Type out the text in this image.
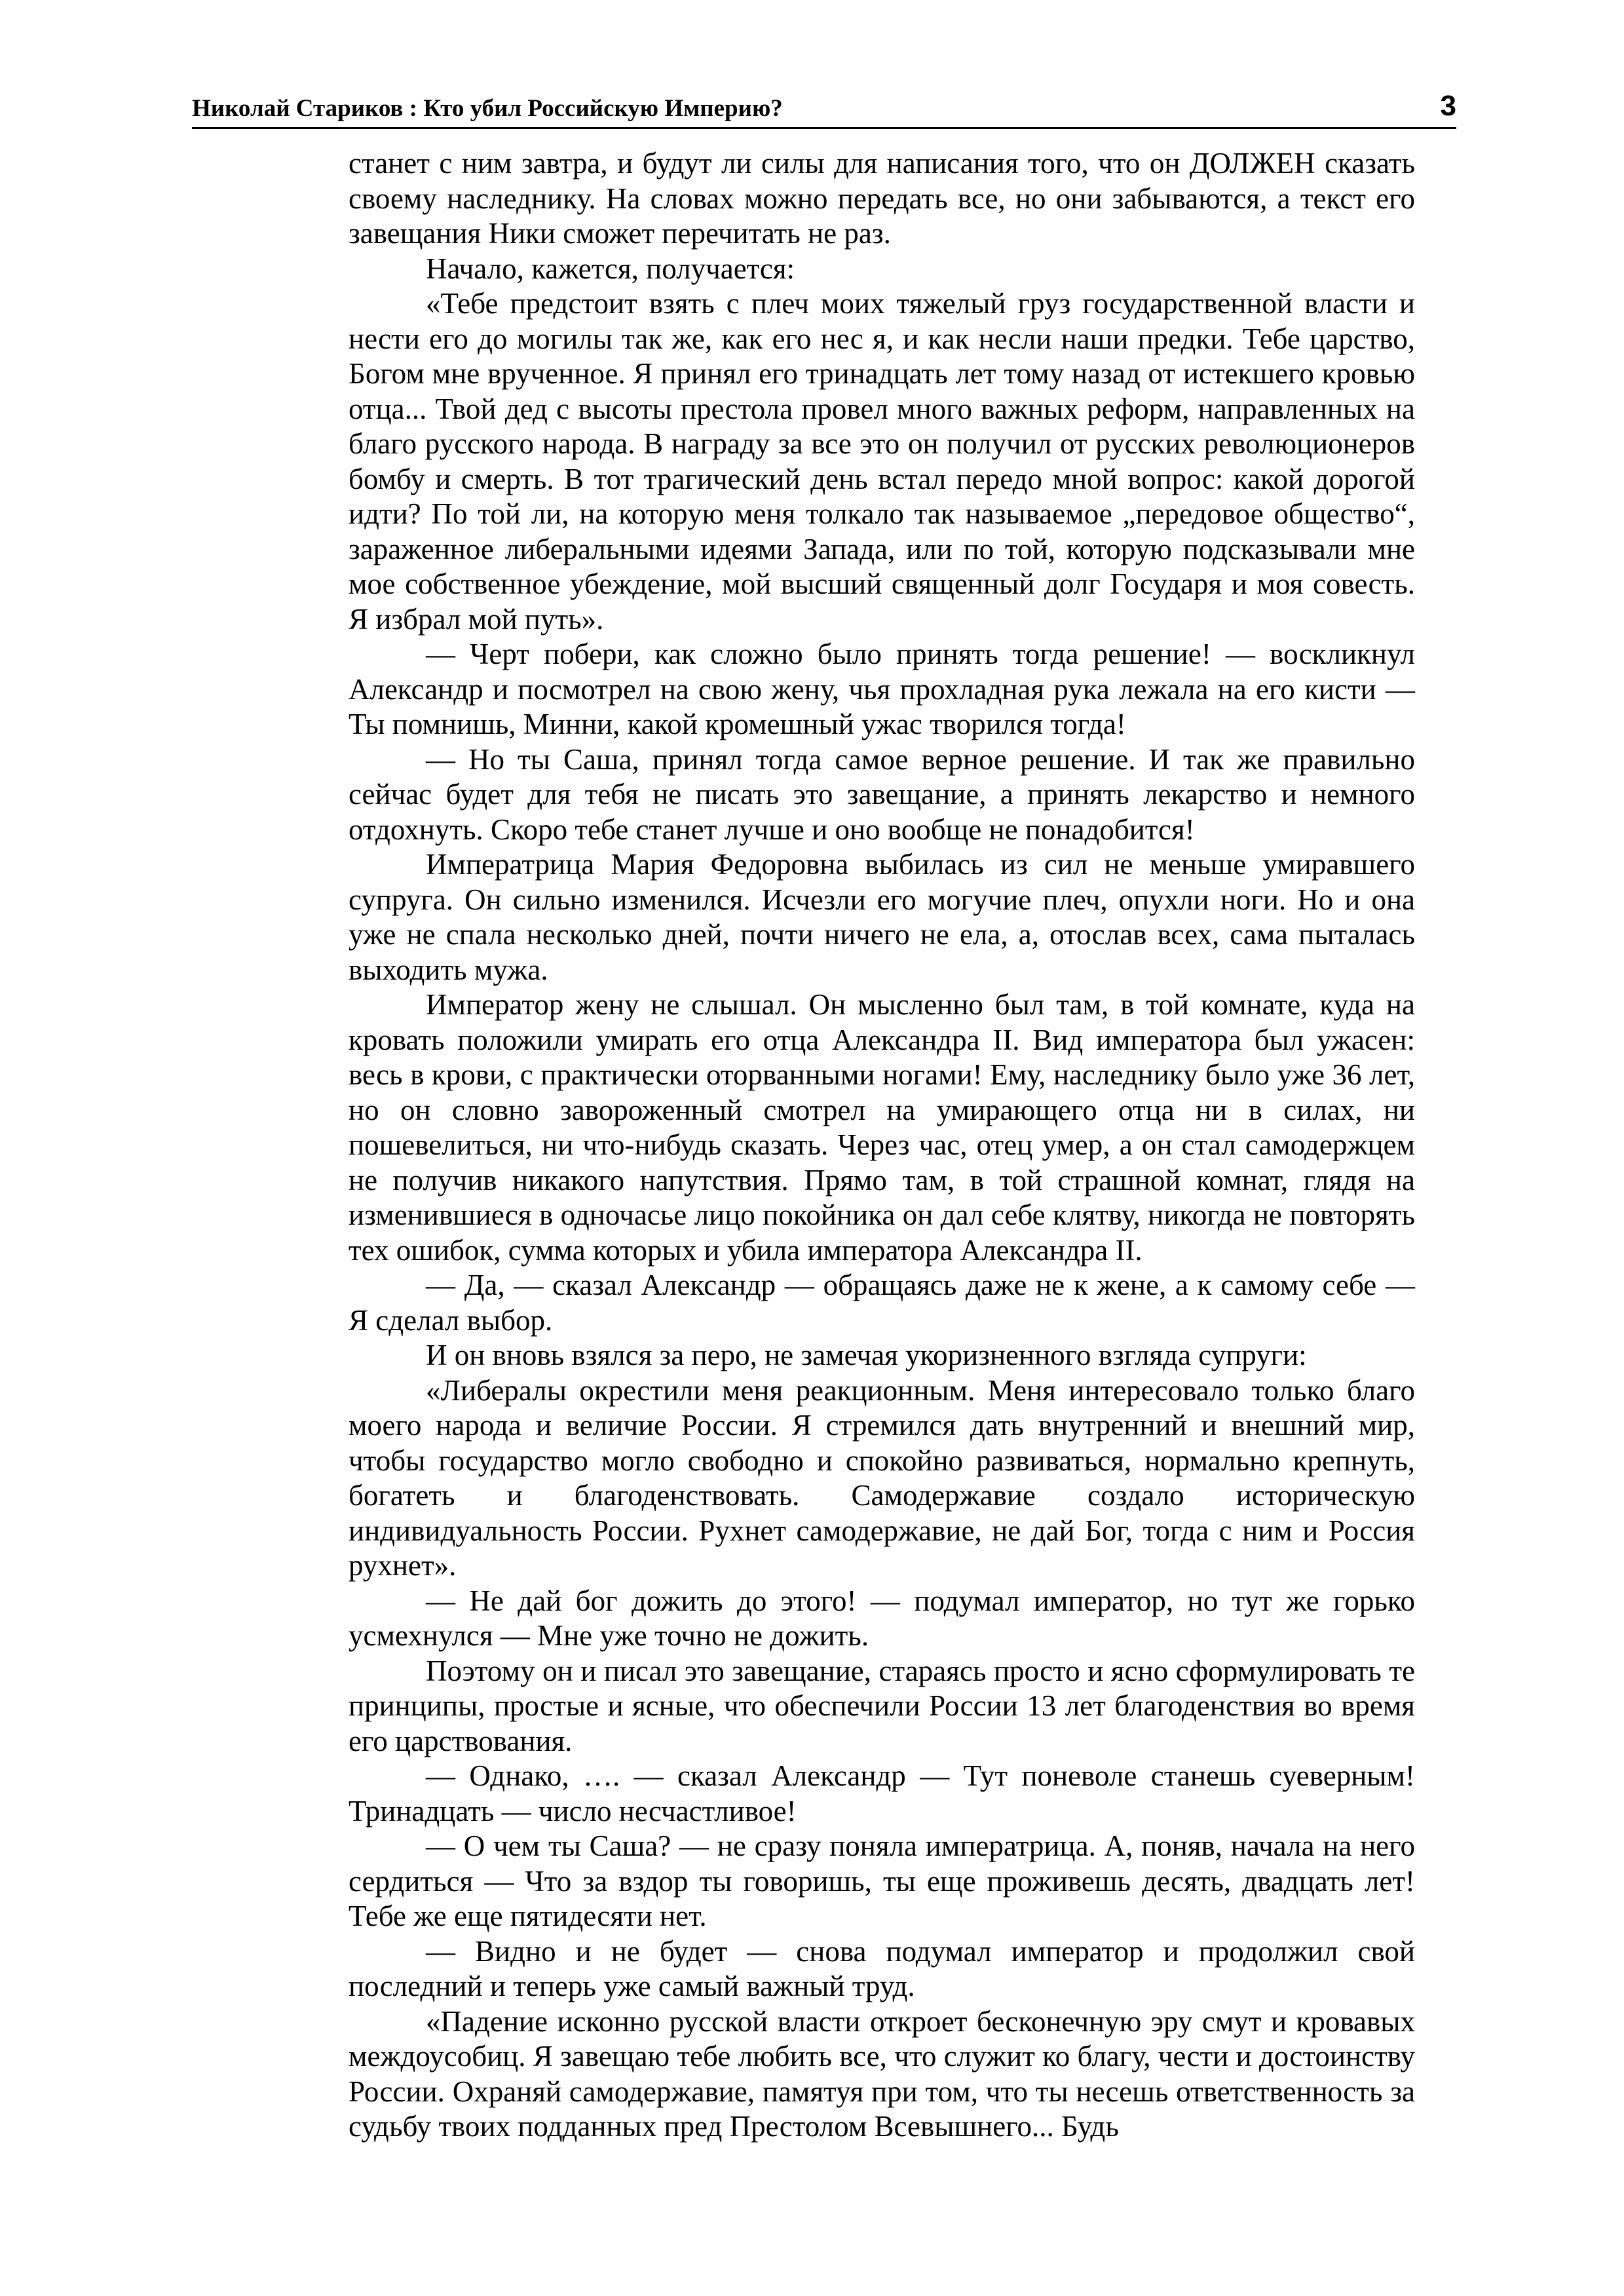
Николай Стариков : Кто убил Российскую Империю?	3

станет с ним завтра, и будут ли силы для написания того, что он ДОЛЖЕН сказать своему наследнику. На словах можно передать все, но они забываются, а текст его завещания Ники сможет перечитать не раз.

Начало, кажется, получается:

«Тебе предстоит взять с плеч моих тяжелый груз государственной власти и нести его до могилы так же, как его нес я, и как несли наши предки. Тебе царство, Богом мне врученное. Я принял его тринадцать лет тому назад от истекшего кровью отца... Твой дед с высоты престола провел много важных реформ, направленных на благо русского народа. В награду за все это он получил от русских революционеров бомбу и смерть. В тот трагический день встал передо мной вопрос: какой дорогой идти? По той ли, на которую меня толкало так называемое „передовое общество“, зараженное либеральными идеями Запада, или по той, которую подсказывали мне мое собственное убеждение, мой высший священный долг Государя и моя совесть. Я избрал мой путь».

— Черт побери, как сложно было принять тогда решение! — воскликнул Александр и посмотрел на свою жену, чья прохладная рука лежала на его кисти — Ты помнишь, Минни, какой кромешный ужас творился тогда!

— Но ты Саша, принял тогда самое верное решение. И так же правильно сейчас будет для тебя не писать это завещание, а принять лекарство и немного отдохнуть. Скоро тебе станет лучше и оно вообще не понадобится!

Императрица Мария Федоровна выбилась из сил не меньше умиравшего супруга. Он сильно изменился. Исчезли его могучие плеч, опухли ноги. Но и она уже не спала несколько дней, почти ничего не ела, а, отослав всех, сама пыталась выходить мужа.

Император жену не слышал. Он мысленно был там, в той комнате, куда на кровать положили умирать его отца Александра II. Вид императора был ужасен: весь в крови, с практически оторванными ногами! Ему, наследнику было уже 36 лет, но он словно завороженный смотрел на умирающего отца ни в силах, ни пошевелиться, ни что-нибудь сказать. Через час, отец умер, а он стал самодержцем не получив никакого напутствия. Прямо там, в той страшной комнат, глядя на изменившиеся в одночасье лицо покойника он дал себе клятву, никогда не повторять тех ошибок, сумма которых и убила императора Александра II.

— Да, — сказал Александр — обращаясь даже не к жене, а к самому себе — Я сделал выбор.

И он вновь взялся за перо, не замечая укоризненного взгляда супруги:

«Либералы окрестили меня реакционным. Меня интересовало только благо моего народа и величие России. Я стремился дать внутренний и внешний мир, чтобы государство могло свободно и спокойно развиваться, нормально крепнуть, богатеть и благоденствовать. Самодержавие создало историческую индивидуальность России. Рухнет самодержавие, не дай Бог, тогда с ним и Россия рухнет».

— Не дай бог дожить до этого! — подумал император, но тут же горько усмехнулся — Мне уже точно не дожить.

Поэтому он и писал это завещание, стараясь просто и ясно сформулировать те принципы, простые и ясные, что обеспечили России 13 лет благоденствия во время его царствования.

— Однако, …. — сказал Александр — Тут поневоле станешь суеверным! Тринадцать — число несчастливое!

— О чем ты Саша? — не сразу поняла императрица. А, поняв, начала на него сердиться — Что за вздор ты говоришь, ты еще проживешь десять, двадцать лет! Тебе же еще пятидесяти нет.

— Видно и не будет — снова подумал император и продолжил свой последний и теперь уже самый важный труд.

«Падение исконно русской власти откроет бесконечную эру смут и кровавых междоусобиц. Я завещаю тебе любить все, что служит ко благу, чести и достоинству России. Охраняй самодержавие, памятуя при том, что ты несешь ответственность за судьбу твоих подданных пред Престолом Всевышнего... Будь
